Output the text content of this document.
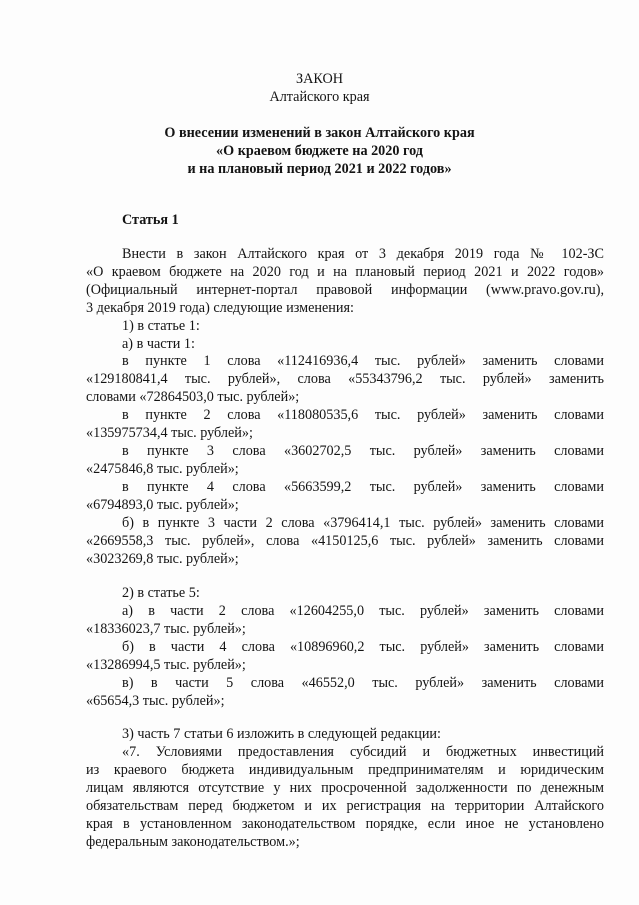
ЗАКОН
Алтайского края
О внесении изменений в закон Алтайского края
«О краевом бюджете на 2020 год
и на плановый период 2021 и 2022 годов»
Статья 1
Внести в закон Алтайского края от 3 декабря 2019 года № 102-ЗС
«О краевом бюджете на 2020 год и на плановый период 2021 и 2022 годов»
(Официальный интернет-портал правовой информации (www.pravo.gov.ru),
3 декабря 2019 года) следующие изменения:
1) в статье 1:
а) в части 1:
в пункте 1 слова «112416936,4 тыс. рублей» заменить словами
«129180841,4 тыс. рублей», слова «55343796,2 тыс. рублей» заменить
словами «72864503,0 тыс. рублей»;
в пункте 2 слова «118080535,6 тыс. рублей» заменить словами
«135975734,4 тыс. рублей»;
в пункте 3 слова «3602702,5 тыс. рублей» заменить словами
«2475846,8 тыс. рублей»;
в пункте 4 слова «5663599,2 тыс. рублей» заменить словами
«6794893,0 тыс. рублей»;
б) в пункте 3 части 2 слова «3796414,1 тыс. рублей» заменить словами
«2669558,3 тыс. рублей», слова «4150125,6 тыс. рублей» заменить словами
«3023269,8 тыс. рублей»;
2) в статье 5:
а) в части 2 слова «12604255,0 тыс. рублей» заменить словами
«18336023,7 тыс. рублей»;
б) в части 4 слова «10896960,2 тыс. рублей» заменить словами
«13286994,5 тыс. рублей»;
в) в части 5 слова «46552,0 тыс. рублей» заменить словами
«65654,3 тыс. рублей»;
3) часть 7 статьи 6 изложить в следующей редакции:
«7. Условиями предоставления субсидий и бюджетных инвестиций
из краевого бюджета индивидуальным предпринимателям и юридическим
лицам являются отсутствие у них просроченной задолженности по денежным
обязательствам перед бюджетом и их регистрация на территории Алтайского
края в установленном законодательством порядке, если иное не установлено
федеральным законодательством.»;
